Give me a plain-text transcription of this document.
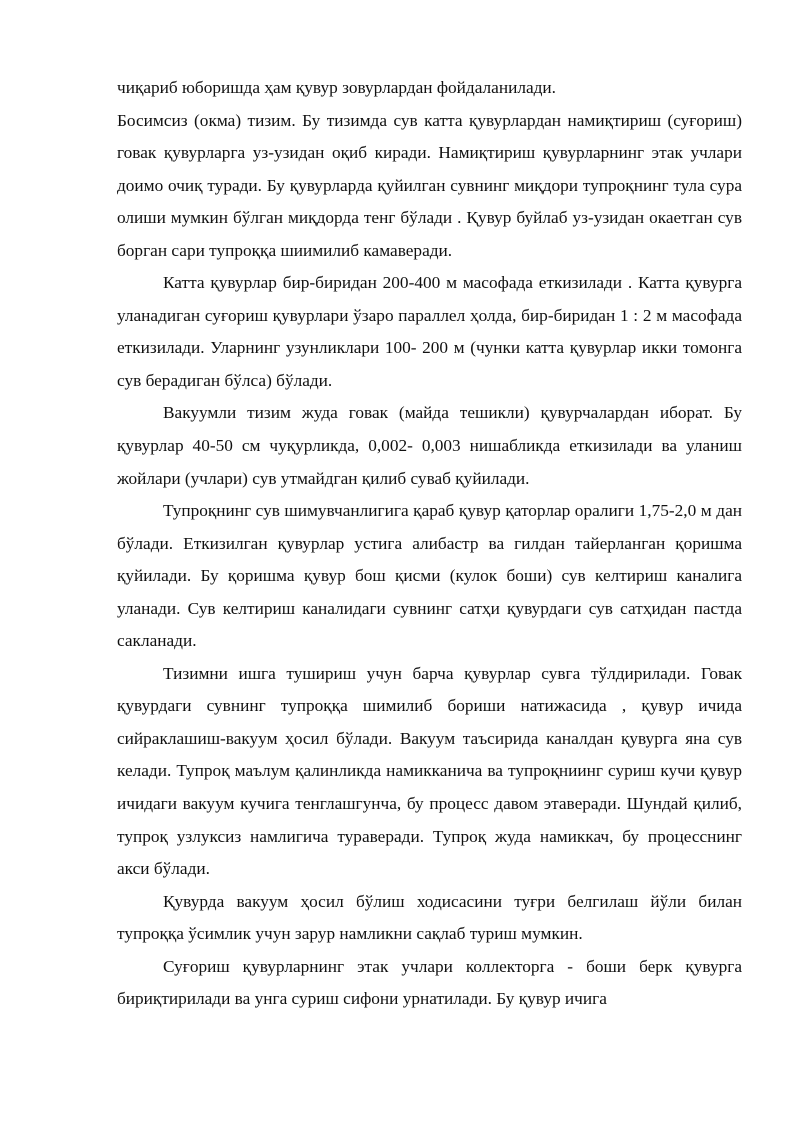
чиқариб юборишда ҳам қувур зовурлардан фойдаланилади.

Босимсиз (окма) тизим. Бу тизимда сув катта қувурлардан намиқтириш (суғориш) говак қувурларга уз-узидан оқиб киради. Намиқтириш қувурларнинг этак учлари доимо очиқ туради. Бу қувурларда қуйилган сувнинг миқдори тупроқнинг тула сура олиши мумкин бўлган миқдорда тенг бўлади . Қувур буйлаб уз-узидан окаетган сув борган сари тупроққа шиимилиб камаверади.

Катта қувурлар бир-биридан 200-400 м масофада еткизилади . Катта қувурга уланадиган суғориш қувурлари ўзаро параллел ҳолда, бир-биридан 1 : 2 м масофада еткизилади. Уларнинг узунликлари 100- 200 м (чунки катта қувурлар икки томонга сув берадиган бўлса) бўлади.

Вакуумли тизим жуда говак (майда тешикли) қувурчалардан иборат. Бу қувурлар 40-50 см чуқурликда, 0,002- 0,003 нишабликда еткизилади ва уланиш жойлари (учлари) сув утмайдган қилиб суваб қуйилади.

Тупроқнинг сув шимувчанлигига қараб қувур қаторлар оралиги 1,75-2,0 м дан бўлади. Еткизилган қувурлар устига алибастр ва гилдан тайерланган қоришма қуйилади. Бу қоришма қувур бош қисми (кулок боши) сув келтириш каналига уланади. Сув келтириш каналидаги сувнинг сатҳи қувурдаги сув сатҳидан пастда сакланади.

Тизимни ишга тушириш учун барча қувурлар сувга тўлдирилади. Говак қувурдаги сувнинг тупроққа шимилиб бориши натижасида , қувур ичида сийраклашиш-вакуум ҳосил бўлади. Вакуум таъсирида каналдан қувурга яна сув келади. Тупроқ маълум қалинликда намикканича ва тупроқниинг суриш кучи қувур ичидаги вакуум кучига тенглашгунча, бу процесс давом этаверади. Шундай қилиб, тупроқ узлуксиз намлигича тураверади. Тупроқ жуда намиккач, бу процесснинг акси бўлади.

Қувурда вакуум ҳосил бўлиш ходисасини туғри белгилаш йўли билан тупроққа ўсимлик учун зарур намликни сақлаб туриш мумкин.

Суғориш қувурларнинг этак учлари коллекторга - боши берк қувурга бириқтирилади ва унга суриш сифони урнатилади. Бу қувур ичига
